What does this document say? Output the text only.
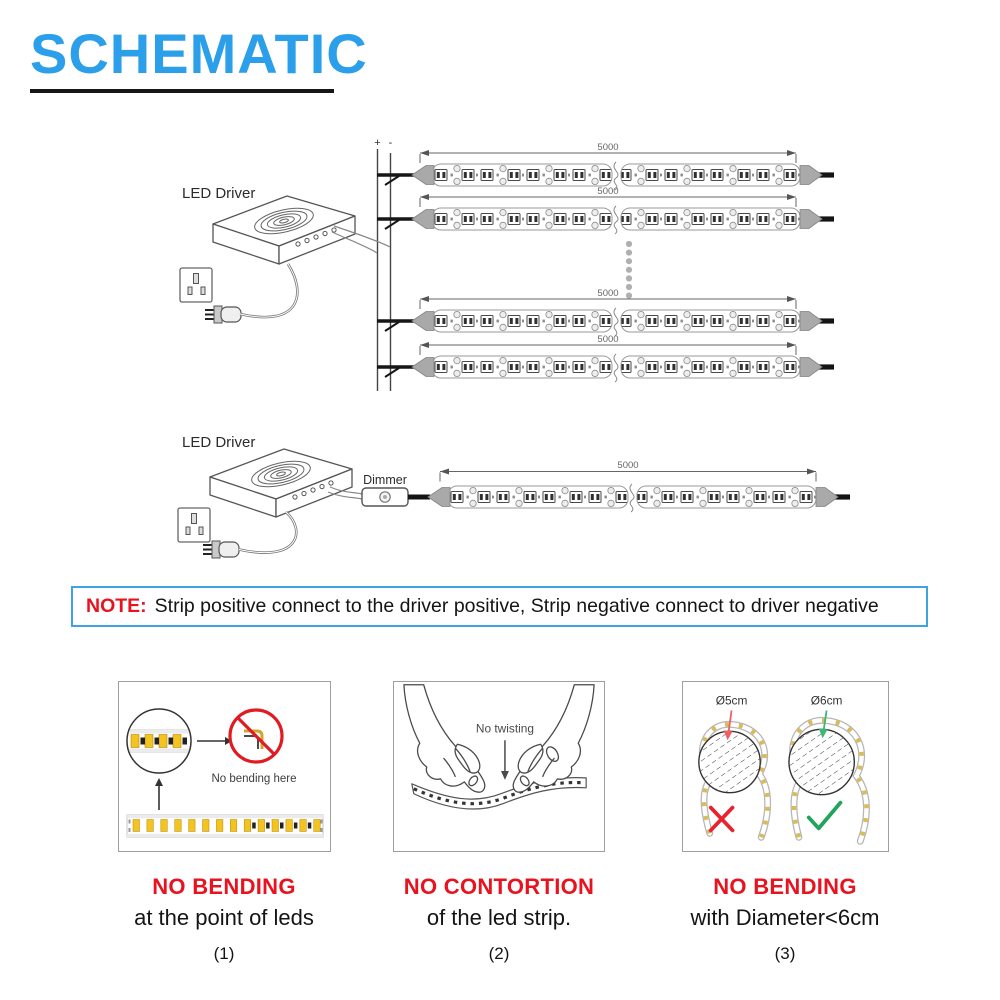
SCHEMATIC
LED Driver
+ -	5000
5000
5000
5000
LED Driver
Dimmer
5000
NOTE: Strip positive connect to the driver positive, Strip negative connect to driver negative
No bending here
No twisting
Ø5cm	Ø6cm
NO BENDING
at the point of leds
(1)
NO CONTORTION
of the led strip.
(2)
NO BENDING
with Diameter<6cm
(3)
